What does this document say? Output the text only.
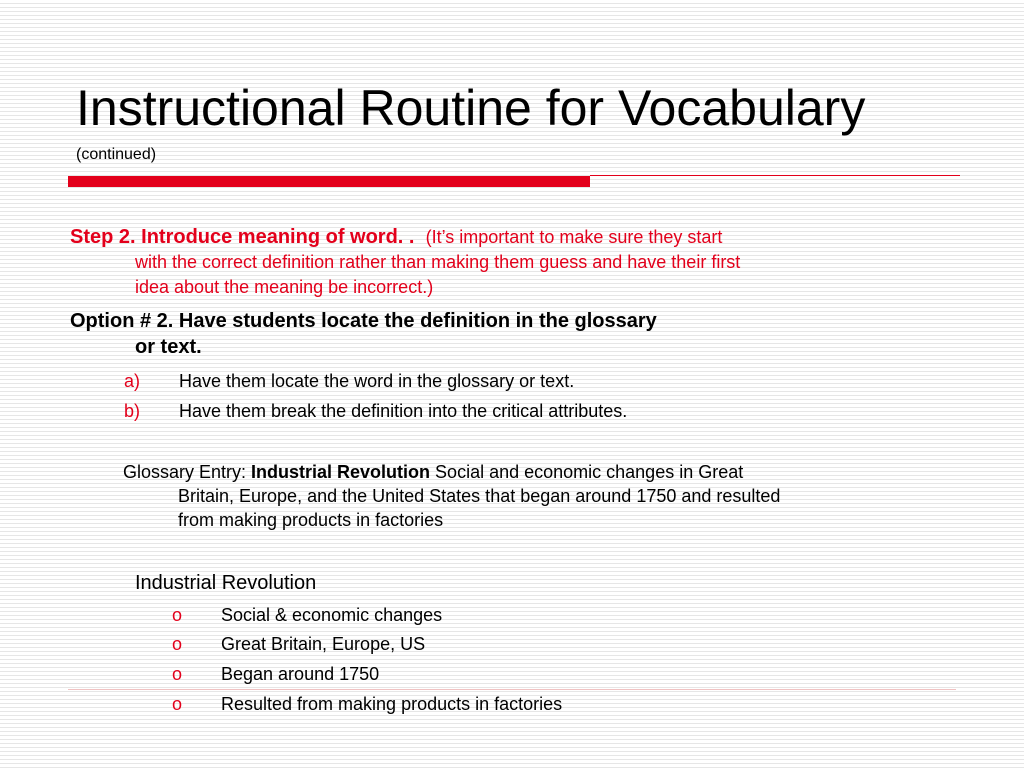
Instructional Routine for Vocabulary
(continued)
Step 2. Introduce meaning of word. . (It’s important to make sure they start
with the correct definition rather than making them guess and have their first
idea about the meaning be incorrect.)
Option # 2. Have students locate the definition in the glossary
or text.
a) Have them locate the word in the glossary or text.
b) Have them break the definition into the critical attributes.
Glossary Entry: Industrial Revolution Social and economic changes in Great
Britain, Europe, and the United States that began around 1750 and resulted
from making products in factories
Industrial Revolution
o Social & economic changes
o Great Britain, Europe, US
o Began around 1750
o Resulted from making products in factories
